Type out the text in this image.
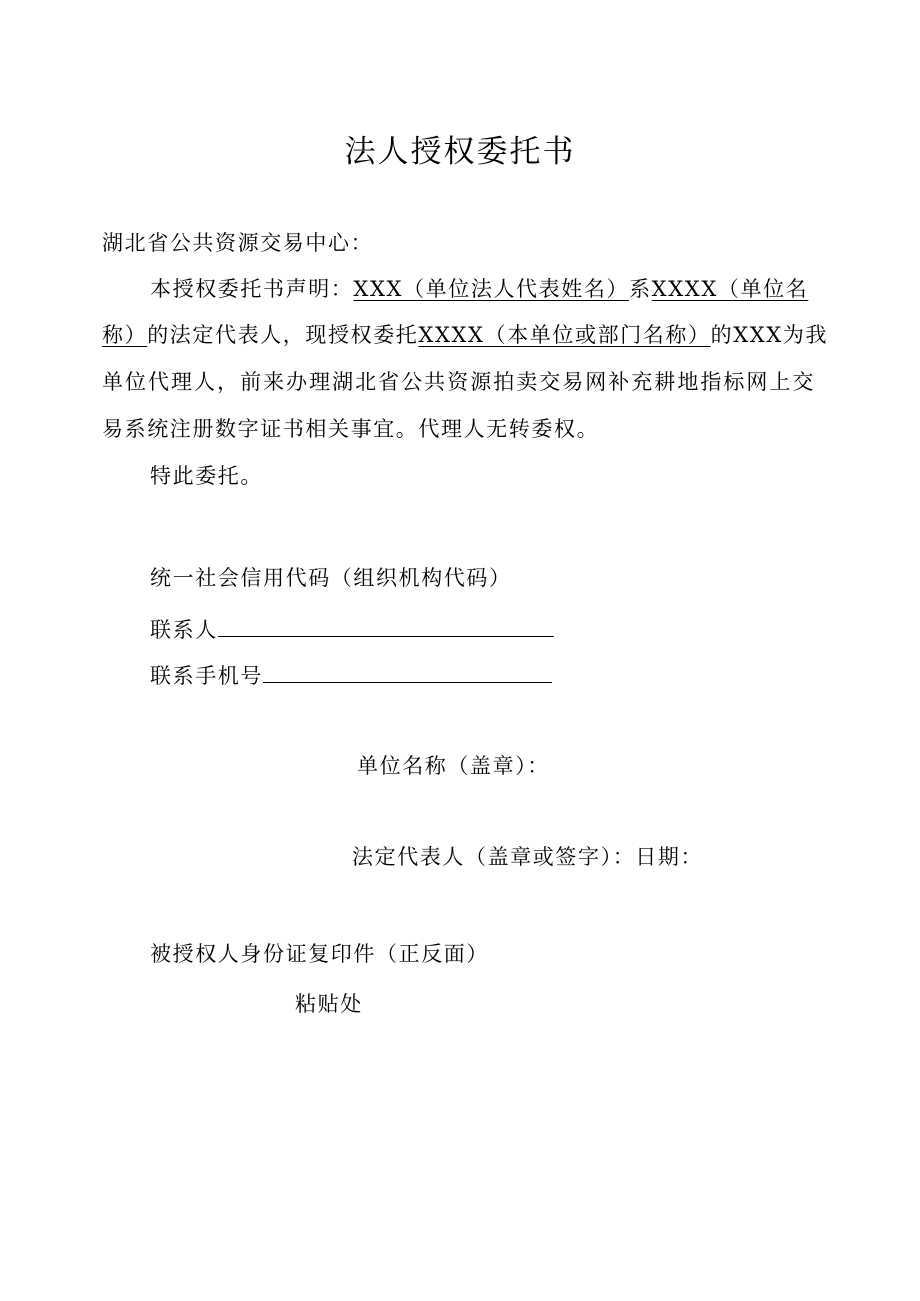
法人授权委托书
湖北省公共资源交易中心：
本授权委托书声明：XXX（单位法人代表姓名）系XXXX（单位名
称）的法定代表人，现授权委托XXXX（本单位或部门名称）的XXX为我
单位代理人，前来办理湖北省公共资源拍卖交易网补充耕地指标网上交
易系统注册数字证书相关事宜。代理人无转委权。
特此委托。
统一社会信用代码（组织机构代码）
联系人
联系手机号
单位名称（盖章）：
法定代表人（盖章或签字）：日期：
被授权人身份证复印件（正反面）
粘贴处
